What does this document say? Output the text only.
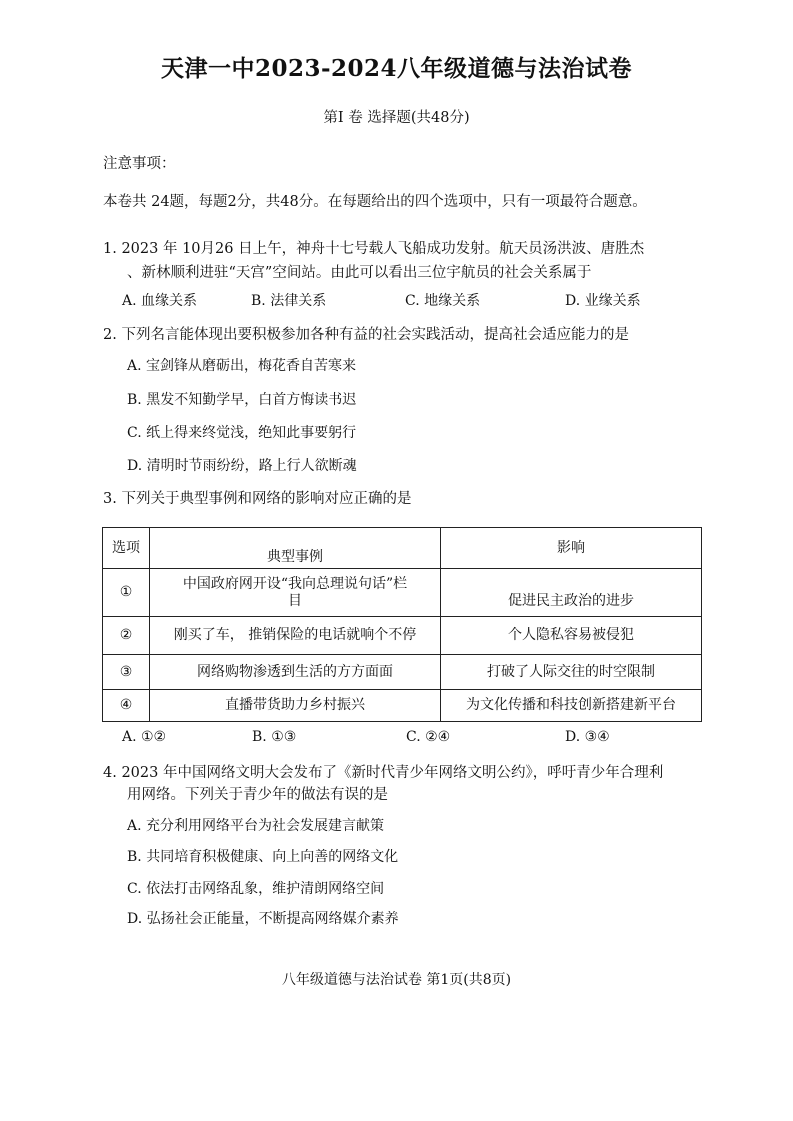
天津一中2023-2024八年级道德与法治试卷
第Ⅰ 卷 选择题(共48分)
注意事项：
本卷共 24题，每题2分，共48分。在每题给出的四个选项中，只有一项最符合题意。
1. 2023 年 10月26 日上午，神舟十七号载人飞船成功发射。航天员汤洪波、唐胜杰
、新林顺利进驻“天宫”空间站。由此可以看出三位宇航员的社会关系属于
A. 血缘关系	B. 法律关系	C. 地缘关系	D. 业缘关系
2. 下列名言能体现出要积极参加各种有益的社会实践活动，提高社会适应能力的是
A. 宝剑锋从磨砺出，梅花香自苦寒来
B. 黑发不知勤学早，白首方悔读书迟
C. 纸上得来终觉浅，绝知此事要躬行
D. 清明时节雨纷纷，路上行人欲断魂
3. 下列关于典型事例和网络的影响对应正确的是
选项	典型事例	影响
①	中国政府网开设“我向总理说句话”栏
目	促进民主政治的进步
②	刚买了车， 推销保险的电话就响个不停	个人隐私容易被侵犯
③	网络购物渗透到生活的方方面面	打破了人际交往的时空限制
④	直播带货助力乡村振兴	为文化传播和科技创新搭建新平台
A. ①②	B. ①③	C. ②④	D. ③④
4. 2023 年中国网络文明大会发布了《新时代青少年网络文明公约》，呼吁青少年合理利
用网络。下列关于青少年的做法有误的是
A. 充分利用网络平台为社会发展建言献策
B. 共同培育积极健康、向上向善的网络文化
C. 依法打击网络乱象，维护清朗网络空间
D. 弘扬社会正能量，不断提高网络媒介素养
八年级道德与法治试卷 第1页(共8页)
